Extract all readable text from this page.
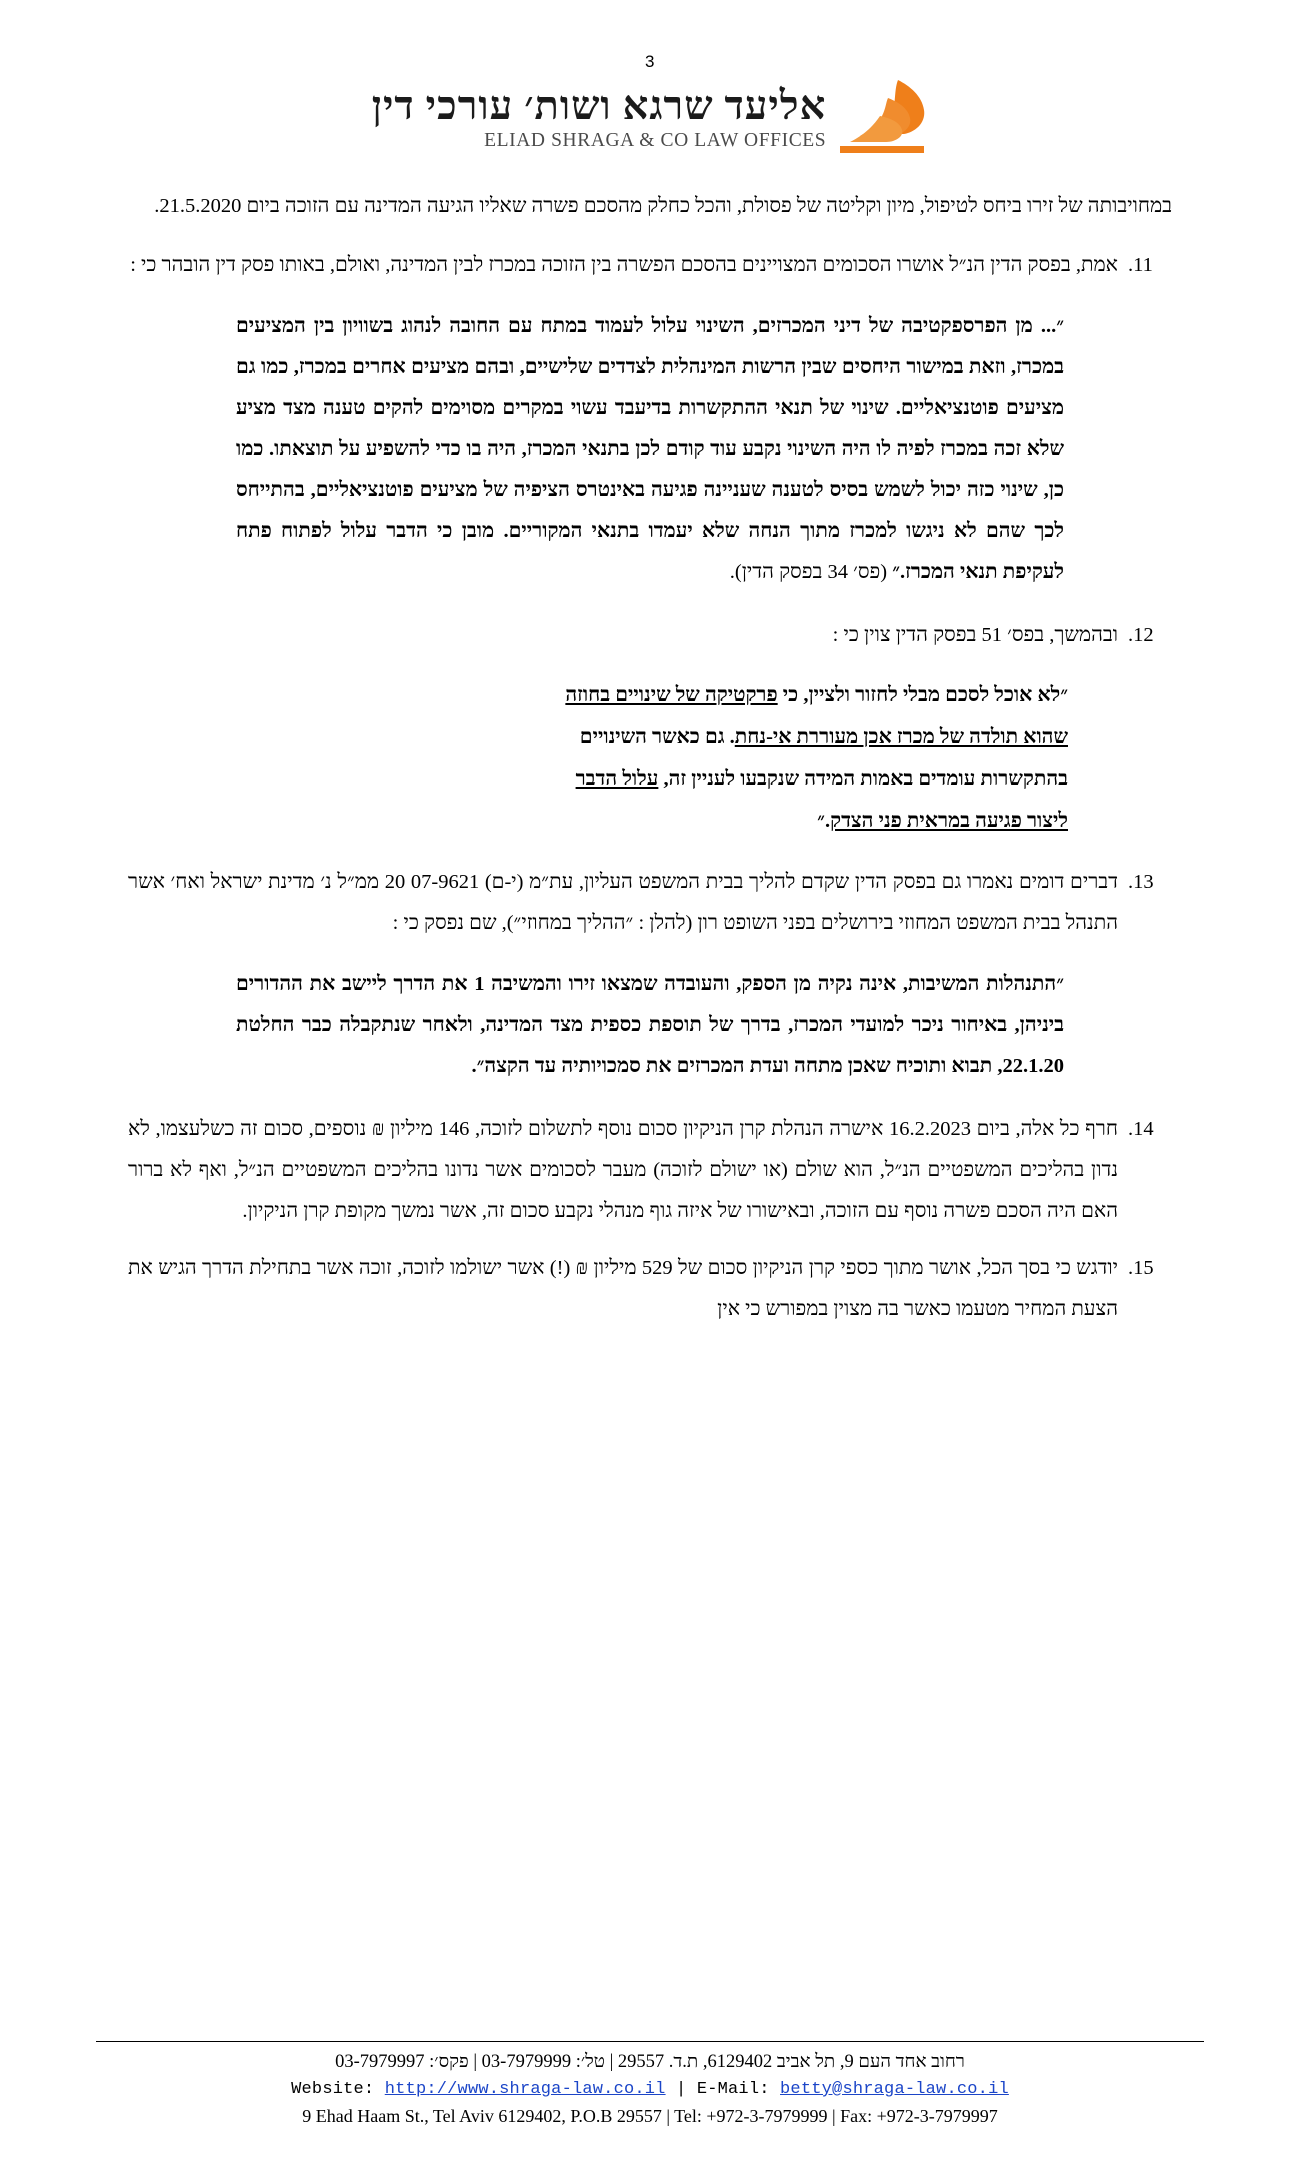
3
אליעד שרגא ושות׳ עורכי דין
ELIAD SHRAGA & CO LAW OFFICES
במחויבותה של זירו ביחס לטיפול, מיון וקליטה של פסולת, והכל כחלק מהסכם פשרה שאליו הגיעה המדינה עם הזוכה ביום 21.5.2020.
11.
אמת, בפסק הדין הנ״ל אושרו הסכומים המצויינים בהסכם הפשרה בין הזוכה במכרז לבין המדינה, ואולם, באותו פסק דין הובהר כי :
״... מן הפרספקטיבה של דיני המכרזים, השינוי עלול לעמוד במתח עם החובה לנהוג בשוויון בין המציעים במכרז, וזאת במישור היחסים שבין הרשות המינהלית לצדדים שלישיים, ובהם מציעים אחרים במכרז, כמו גם מציעים פוטנציאליים. שינוי של תנאי ההתקשרות בדיעבד עשוי במקרים מסוימים להקים טענה מצד מציע שלא זכה במכרז לפיה לו היה השינוי נקבע עוד קודם לכן בתנאי המכרז, היה בו כדי להשפיע על תוצאתו. כמו כן, שינוי כזה יכול לשמש בסיס לטענה שעניינה פגיעה באינטרס הציפיה של מציעים פוטנציאליים, בהתייחס לכך שהם לא ניגשו למכרז מתוך הנחה שלא יעמדו בתנאי המקוריים. מובן כי הדבר עלול לפתוח פתח לעקיפת תנאי המכרז.״ (פס׳ 34 בפסק הדין).
12.
ובהמשך, בפס׳ 51 בפסק הדין צוין כי :
״לא אוכל לסכם מבלי לחזור ולציין, כי פרקטיקה של שינויים בחוזה
שהוא תולדה של מכרז אכן מעוררת אי-נחת. גם כאשר השינויים
בהתקשרות עומדים באמות המידה שנקבעו לעניין זה, עלול הדבר
ליצור פגיעה במראית פני הצדק.״
13.
דברים דומים נאמרו גם בפסק הדין שקדם להליך בבית המשפט העליון, עת״מ (י-ם) 07-9621 20 ממ״ל נ׳ מדינת ישראל ואח׳ אשר התנהל בבית המשפט המחוזי בירושלים בפני השופט רון (להלן : ״ההליך במחוזי״), שם נפסק כי :
״התנהלות המשיבות, אינה נקיה מן הספק, והעובדה שמצאו זירו והמשיבה 1 את הדרך ליישב את ההדורים ביניהן, באיחור ניכר למועדי המכרז, בדרך של תוספת כספית מצד המדינה, ולאחר שנתקבלה כבר החלטת 22.1.20, תבוא ותוכיח שאכן מתחה ועדת המכרזים את סמכויותיה עד הקצה״.
14.
חרף כל אלה, ביום 16.2.2023 אישרה הנהלת קרן הניקיון סכום נוסף לתשלום לזוכה, 146 מיליון ₪ נוספים, סכום זה כשלעצמו, לא נדון בהליכים המשפטיים הנ״ל, הוא שולם (או ישולם לזוכה) מעבר לסכומים אשר נדונו בהליכים המשפטיים הנ״ל, ואף לא ברור האם היה הסכם פשרה נוסף עם הזוכה, ובאישורו של איזה גוף מנהלי נקבע סכום זה, אשר נמשך מקופת קרן הניקיון.
15.
יודגש כי בסך הכל, אושר מתוך כספי קרן הניקיון סכום של 529 מיליון ₪ (!) אשר ישולמו לזוכה, זוכה אשר בתחילת הדרך הגיש את הצעת המחיר מטעמו כאשר בה מצוין במפורש כי אין
רחוב אחד העם 9, תל אביב 6129402, ת.ד. 29557 | טל׳: 03-7979999 | פקס׳: 03-7979997
Website: http://www.shraga-law.co.il | E-Mail: betty@shraga-law.co.il
9 Ehad Haam St., Tel Aviv 6129402, P.O.B 29557 | Tel: +972-3-7979999 | Fax: +972-3-7979997
